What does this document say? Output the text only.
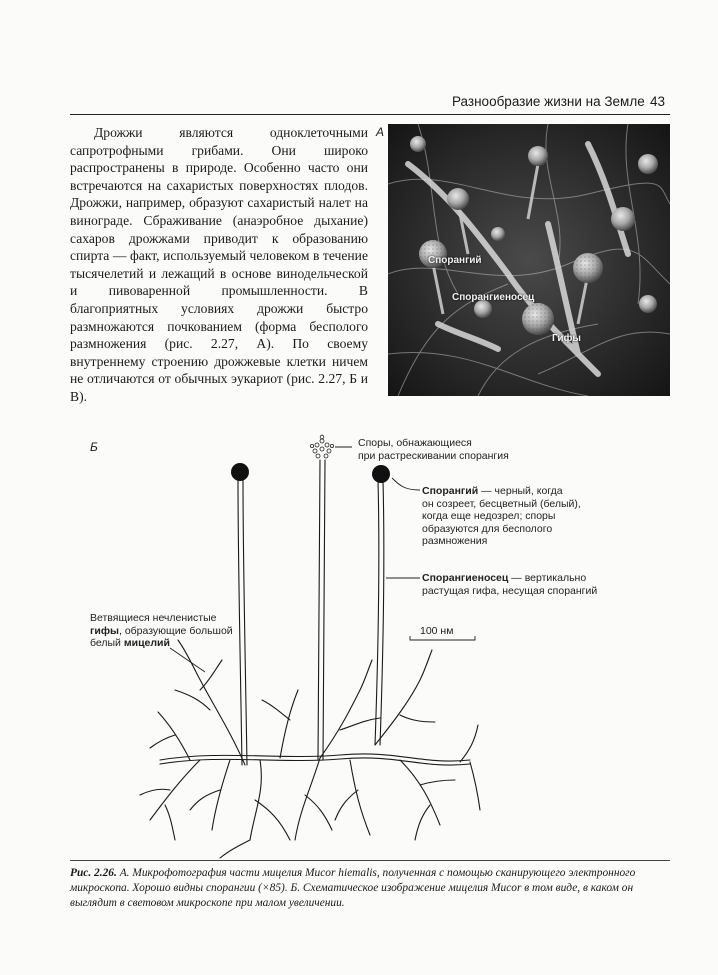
Разнообразие жизни на Земле 43

Дрожжи являются одноклеточными сапротрофными грибами. Они широко распространены в природе. Особенно часто они встречаются на сахаристых поверхностях плодов. Дрожжи, например, образуют сахаристый налет на винограде. Сбраживание (анаэробное дыхание) сахаров дрожжами приводит к образованию спирта — факт, используемый человеком в течение тысячелетий и лежащий в основе винодельческой и пивоваренной промышленности. В благоприятных условиях дрожжи быстро размножаются почкованием (форма бесполого размножения (рис. 2.27, А). По своему внутреннему строению дрожжевые клетки ничем не отличаются от обычных эукариот (рис. 2.27, Б и В).

А
Спорангий
Спорангиеносец
Гифы
Б	Споры, обнажающиеся
при растрескивании спорангия
Спорангий — черный, когда
он созреет, бесцветный (белый),
когда еще недозрел; споры
образуются для бесполого
размножения
Спорангиеносец — вертикально
растущая гифа, несущая спорангий
Ветвящиеся нечленистые
гифы, образующие большой
белый мицелий
100 нм
Рис. 2.26. А. Микрофотография части мицелия Mucor hiemalis, полученная с помощью сканирующего электронного микроскопа. Хорошо видны спорангии (×85). Б. Схематическое изображение мицелия Mucor в том виде, в каком он выглядит в световом микроскопе при малом увеличении.
